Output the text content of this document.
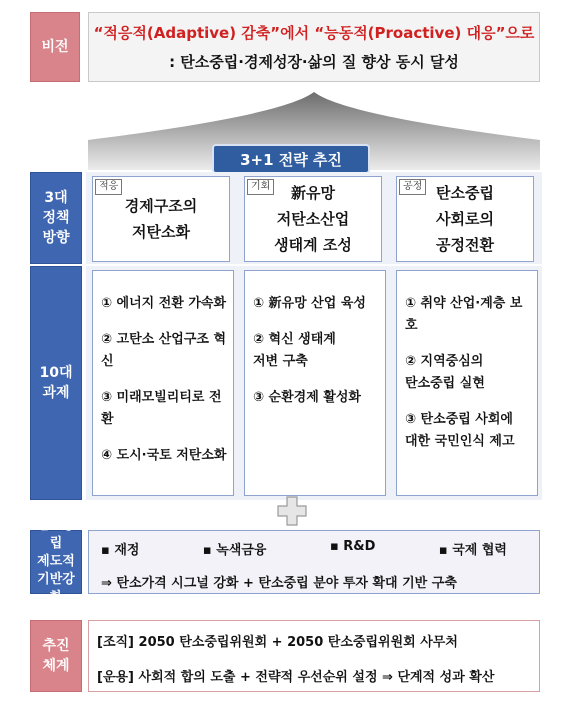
비전
“적응적(Adaptive) 감축”에서 “능동적(Proactive) 대응”으로
: 탄소중립·경제성장·삶의 질 향상 동시 달성
3+1 전략 추진
3대
정책
방향
적응
경제구조의
저탄소화
기회	新유망
저탄소산업
생태계 조성
공정 탄소중립
사회로의
공정전환
10대
과제
① 에너지 전환 가속화
② 고탄소 산업구조 혁신
③ 미래모빌리티로 전환
④ 도시·국토 저탄소화
① 新유망 산업 육성
② 혁신 생태계
저변 구축
③ 순환경제 활성화
① 취약 산업·계층 보호
② 지역중심의
탄소중립 실현
③ 탄소중립 사회에
대한 국민인식 제고
탄소중립
제도적
기반강화
▪ 재정	▪ 녹색금융	▪ R&D	▪ 국제 협력
⇒ 탄소가격 시그널 강화 + 탄소중립 분야 투자 확대 기반 구축
추진
체계
[조직] 2050 탄소중립위원회 + 2050 탄소중립위원회 사무처
[운용] 사회적 합의 도출 + 전략적 우선순위 설정 ⇒ 단계적 성과 확산
